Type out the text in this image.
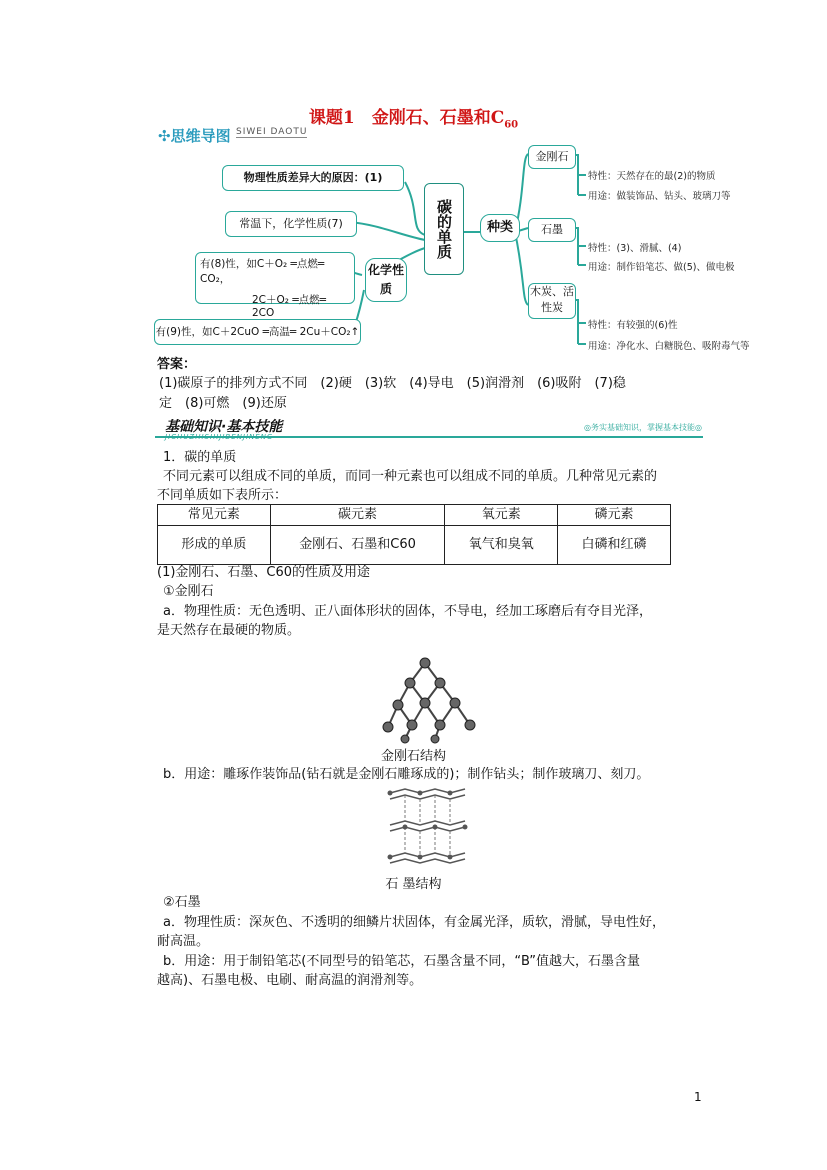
课题1　金刚石、石墨和$C_{60}$
✣思维导图 SIWEI DAOTU
物理性质差异大的原因：(1)
碳的单质	种类
化学性质
常温下，化学性质(7)
有(8)性，如C＋O₂ ═点燃═ CO₂，
2C＋O₂ ═点燃═ 2CO
有(9)性，如C＋2CuO ═高温═ 2Cu＋CO₂↑
金刚石
特性：天然存在的最(2)的物质
用途：做装饰品、钻头、玻璃刀等
石墨
特性：(3)、滑腻、(4)
用途：制作铅笔芯、做(5)、做电极
木炭、活性炭
特性：有较强的(6)性
用途：净化水、白糖脱色、吸附毒气等
答案：
(1)碳原子的排列方式不同　(2)硬　(3)软　(4)导电　(5)润滑剂　(6)吸附　(7)稳
定　(8)可燃　(9)还原
基础知识·基本技能
JICHUZHISHIJIBENJINENG
◎务实基础知识，掌握基本技能◎
1．碳的单质
不同元素可以组成不同的单质，而同一种元素也可以组成不同的单质。几种常见元素的
不同单质如下表所示：
常见元素	碳元素	氧元素	磷元素
形成的单质	金刚石、石墨和C60	氧气和臭氧	白磷和红磷
(1)金刚石、石墨、C60的性质及用途
①金刚石
a．物理性质：无色透明、正八面体形状的固体，不导电，经加工琢磨后有夺目光泽，
是天然存在最硬的物质。
金刚石结构
b．用途：雕琢作装饰品(钻石就是金刚石雕琢成的)；制作钻头；制作玻璃刀、刻刀。
石 墨结构
②石墨
a．物理性质：深灰色、不透明的细鳞片状固体，有金属光泽，质软，滑腻，导电性好，
耐高温。
b．用途：用于制铅笔芯(不同型号的铅笔芯，石墨含量不同，“B”值越大，石墨含量
越高)、石墨电极、电刷、耐高温的润滑剂等。
1
